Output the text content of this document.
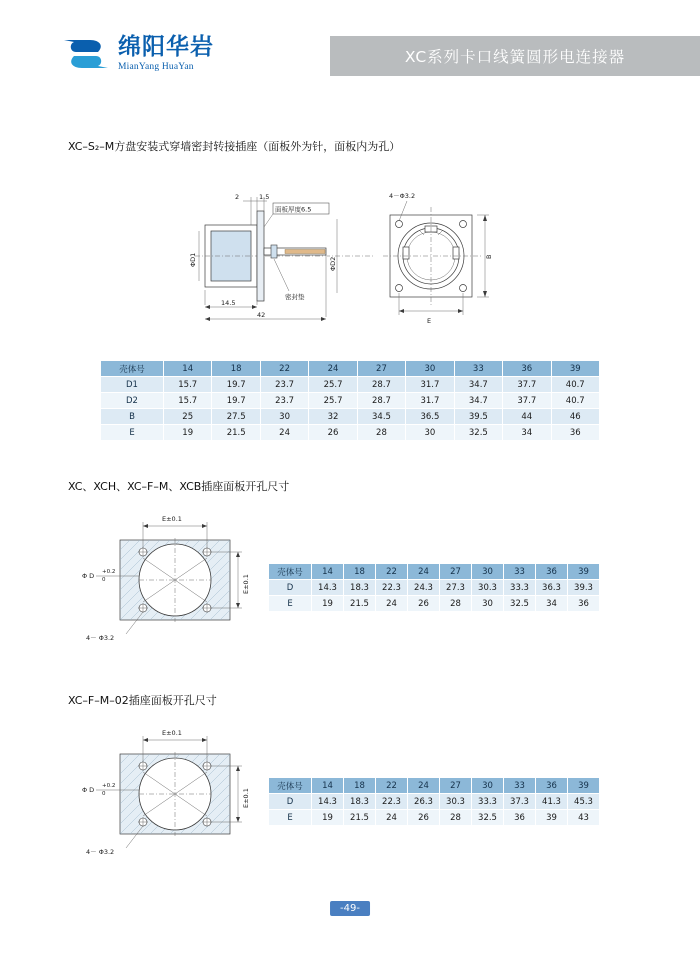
绵阳华岩
MianYang HuaYan
XC系列卡口线簧圆形电连接器
XC–S₂–M方盘安装式穿墙密封转接插座（面板外为针，面板内为孔）
2	1.5
面板厚度6.5
ΦD1	ΦD2
密封垫
14.5
42
4－Φ3.2
B
E
壳体号	14	18	22	24	27	30	33	36	39
D1	15.7	19.7	23.7	25.7	28.7	31.7	34.7	37.7	40.7
D2	15.7	19.7	23.7	25.7	28.7	31.7	34.7	37.7	40.7
B	25	27.5	30	32	34.5	36.5	39.5	44	46
E	19	21.5	24	26	28	30	32.5	34	36
XC、XCH、XC–F–M、XCB插座面板开孔尺寸
E±0.1
E±0.1
Φ D +0.2
0
4－ Φ3.2
壳体号	14	18	22	24	27	30	33	36	39
D	14.3	18.3	22.3	24.3	27.3	30.3	33.3	36.3	39.3
E	19	21.5	24	26	28	30	32.5	34	36
XC–F–M–02插座面板开孔尺寸
E±0.1
E±0.1
Φ D +0.2
0
4－ Φ3.2
壳体号	14	18	22	24	27	30	33	36	39
D	14.3	18.3	22.3	26.3	30.3	33.3	37.3	41.3	45.3
E	19	21.5	24	26	28	32.5	36	39	43
-49-
